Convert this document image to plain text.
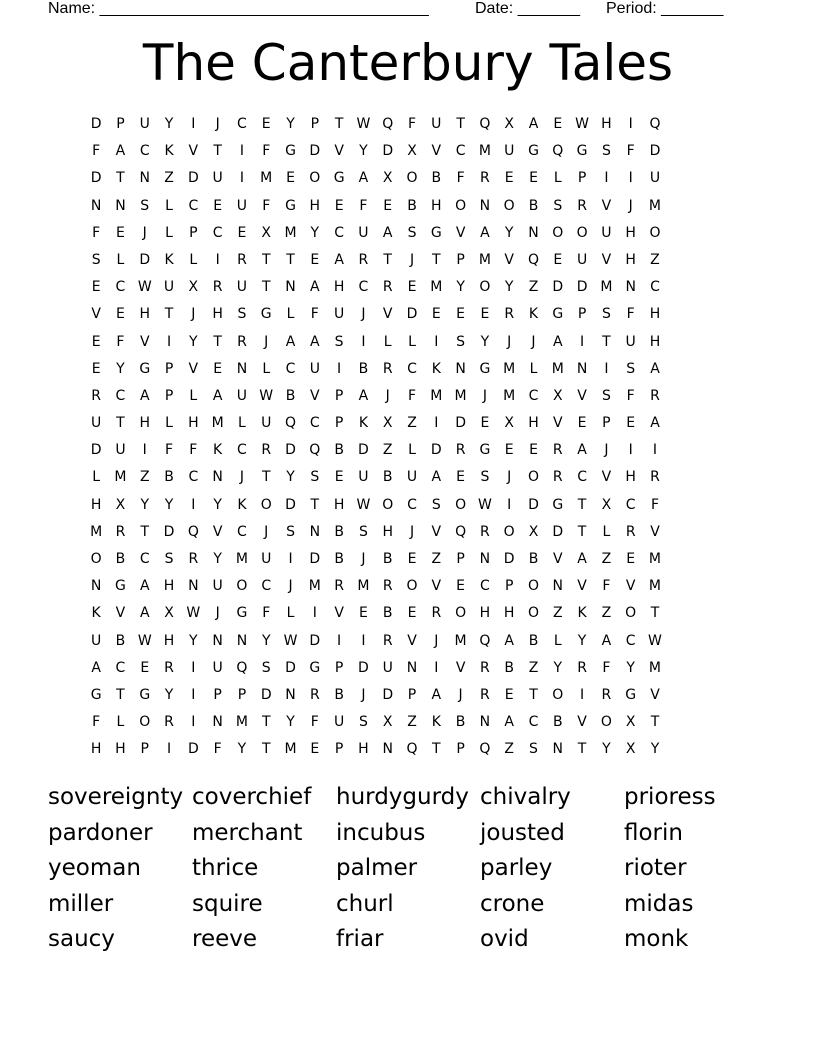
Name: _____________________________________	Date: _______ Period: _______
The Canterbury Tales
D	P	U	Y	I	J	C	E	Y	P	T W Q	F	U	T	Q X	A	E W H	I	Q
F	A	C	K	V	T	I	F	G D	V	Y	D	X	V	C M U G Q G	S	F	D
D	T	N	Z	D U	I	M E	O G	A	X O B	F	R	E	E	L	P	I	I	U
N N	S	L	C	E	U	F	G H	E	F	E	B	H O N O B	S	R	V	J	M
F	E	J	L	P	C	E	X M Y	C	U	A	S	G	V	A	Y	N O O U H O
S	L	D	K	L	I	R	T	T	E	A	R	T	J	T	P	M V Q	E	U	V	H	Z
E	C W U	X	R	U	T	N	A	H	C	R	E M Y	O	Y	Z	D D M N	C
V	E	H	T	J	H	S	G	L	F	U	J	V	D	E	E	E	R	K	G	P	S	F	H
E	F	V	I	Y	T	R	J	A	A	S	I	L	L	I	S	Y	J	J	A	I	T	U H
E	Y	G	P	V	E	N	L	C	U	I	B	R	C	K	N G M	L	M N	I	S	A
R	C	A	P	L	A	U W B	V	P	A	J	F	M M	J	M C	X	V	S	F	R
U	T	H	L	H M	L	U Q C	P	K	X	Z	I	D	E	X	H	V	E	P	E	A
D U	I	F	F	K	C	R	D Q B	D	Z	L	D	R	G	E	E	R	A	J	I	I
L	M Z	B	C	N	J	T	Y	S	E	U	B	U	A	E	S	J	O R	C	V	H	R
H	X	Y	Y	I	Y	K	O D	T	H W O C	S	O W	I	D G	T	X	C	F
M R	T	D Q	V	C	J	S	N	B	S	H	J	V Q R O X	D	T	L	R	V
O B	C	S	R	Y M U	I	D	B	J	B	E	Z	P	N D	B	V	A	Z	E M
N G	A	H N U O C	J	M R M R O	V	E	C	P	O N	V	F	V M
K	V	A	X W	J	G	F	L	I	V	E	B	E	R O H H O Z	K	Z O	T
U	B W H	Y	N N	Y W D	I	I	R	V	J	M Q	A	B	L	Y	A	C W
A	C	E	R	I	U Q	S	D G	P	D U N	I	V	R	B	Z	Y	R	F	Y M
G	T	G	Y	I	P	P	D N	R	B	J	D	P	A	J	R	E	T	O	I	R	G	V
F	L	O R	I	N M T	Y	F	U	S	X	Z	K	B	N	A	C	B	V O X	T
H H	P	I	D	F	Y	T M E	P	H N Q	T	P	Q Z	S	N	T	Y	X	Y
sovereignty coverchief	hurdygurdy chivalry	prioress
pardoner	merchant	incubus	jousted	florin
yeoman	thrice	palmer	parley	rioter
miller	squire	churl	crone	midas
saucy	reeve	friar	ovid	monk
